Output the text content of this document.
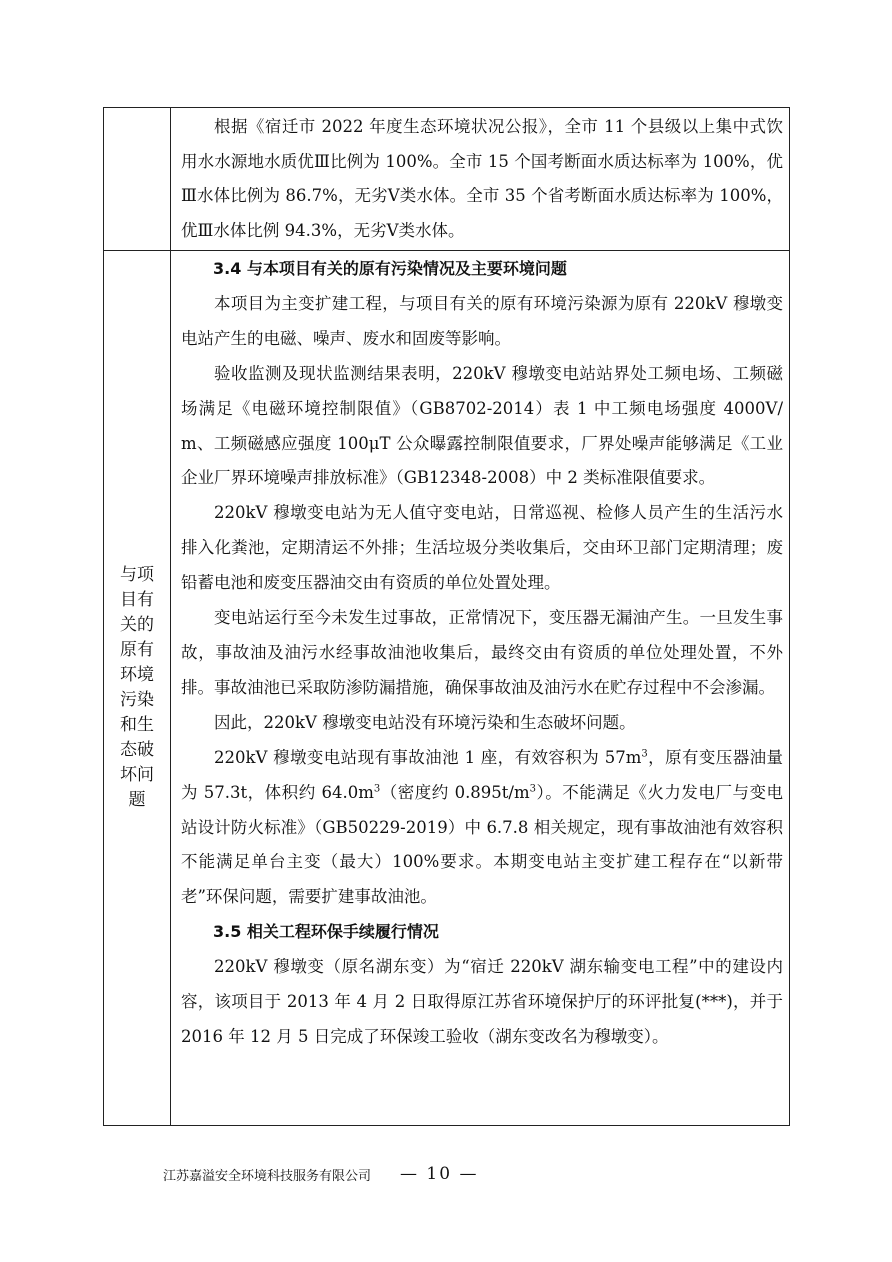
根据《宿迁市 2022 年度生态环境状况公报》，全市 11 个县级以上集中式饮用水水源地水质优Ⅲ比例为 100%。全市 15 个国考断面水质达标率为 100%，优Ⅲ水体比例为 86.7%，无劣Ⅴ类水体。全市 35 个省考断面水质达标率为 100%，优Ⅲ水体比例 94.3%，无劣Ⅴ类水体。

与项目有关的原有环境污染和生态破坏问题

3.4 与本项目有关的原有污染情况及主要环境问题

本项目为主变扩建工程，与项目有关的原有环境污染源为原有 220kV 穆墩变电站产生的电磁、噪声、废水和固废等影响。

验收监测及现状监测结果表明，220kV 穆墩变电站站界处工频电场、工频磁场满足《电磁环境控制限值》（GB8702-2014）表 1 中工频电场强度 4000V/m、工频磁感应强度 100μT 公众曝露控制限值要求，厂界处噪声能够满足《工业企业厂界环境噪声排放标准》（GB12348-2008）中 2 类标准限值要求。

220kV 穆墩变电站为无人值守变电站，日常巡视、检修人员产生的生活污水排入化粪池，定期清运不外排；生活垃圾分类收集后，交由环卫部门定期清理；废铅蓄电池和废变压器油交由有资质的单位处置处理。

变电站运行至今未发生过事故，正常情况下，变压器无漏油产生。一旦发生事故，事故油及油污水经事故油池收集后，最终交由有资质的单位处理处置，不外排。事故油池已采取防渗防漏措施，确保事故油及油污水在贮存过程中不会渗漏。

因此，220kV 穆墩变电站没有环境污染和生态破坏问题。

220kV 穆墩变电站现有事故油池 1 座，有效容积为 $57m^3$，原有变压器油量为 57.3t，体积约 $64.0m^3$（密度约 $0.895t/m^3$）。不能满足《火力发电厂与变电站设计防火标准》（GB50229-2019）中 6.7.8 相关规定，现有事故油池有效容积不能满足单台主变（最大）100%要求。本期变电站主变扩建工程存在“以新带老”环保问题，需要扩建事故油池。

3.5 相关工程环保手续履行情况

220kV 穆墩变（原名湖东变）为“宿迁 220kV 湖东输变电工程”中的建设内容，该项目于 2013 年 4 月 2 日取得原江苏省环境保护厅的环评批复(***)，并于 2016 年 12 月 5 日完成了环保竣工验收（湖东变改名为穆墩变）。

江苏嘉溢安全环境科技服务有限公司 — 10 —
